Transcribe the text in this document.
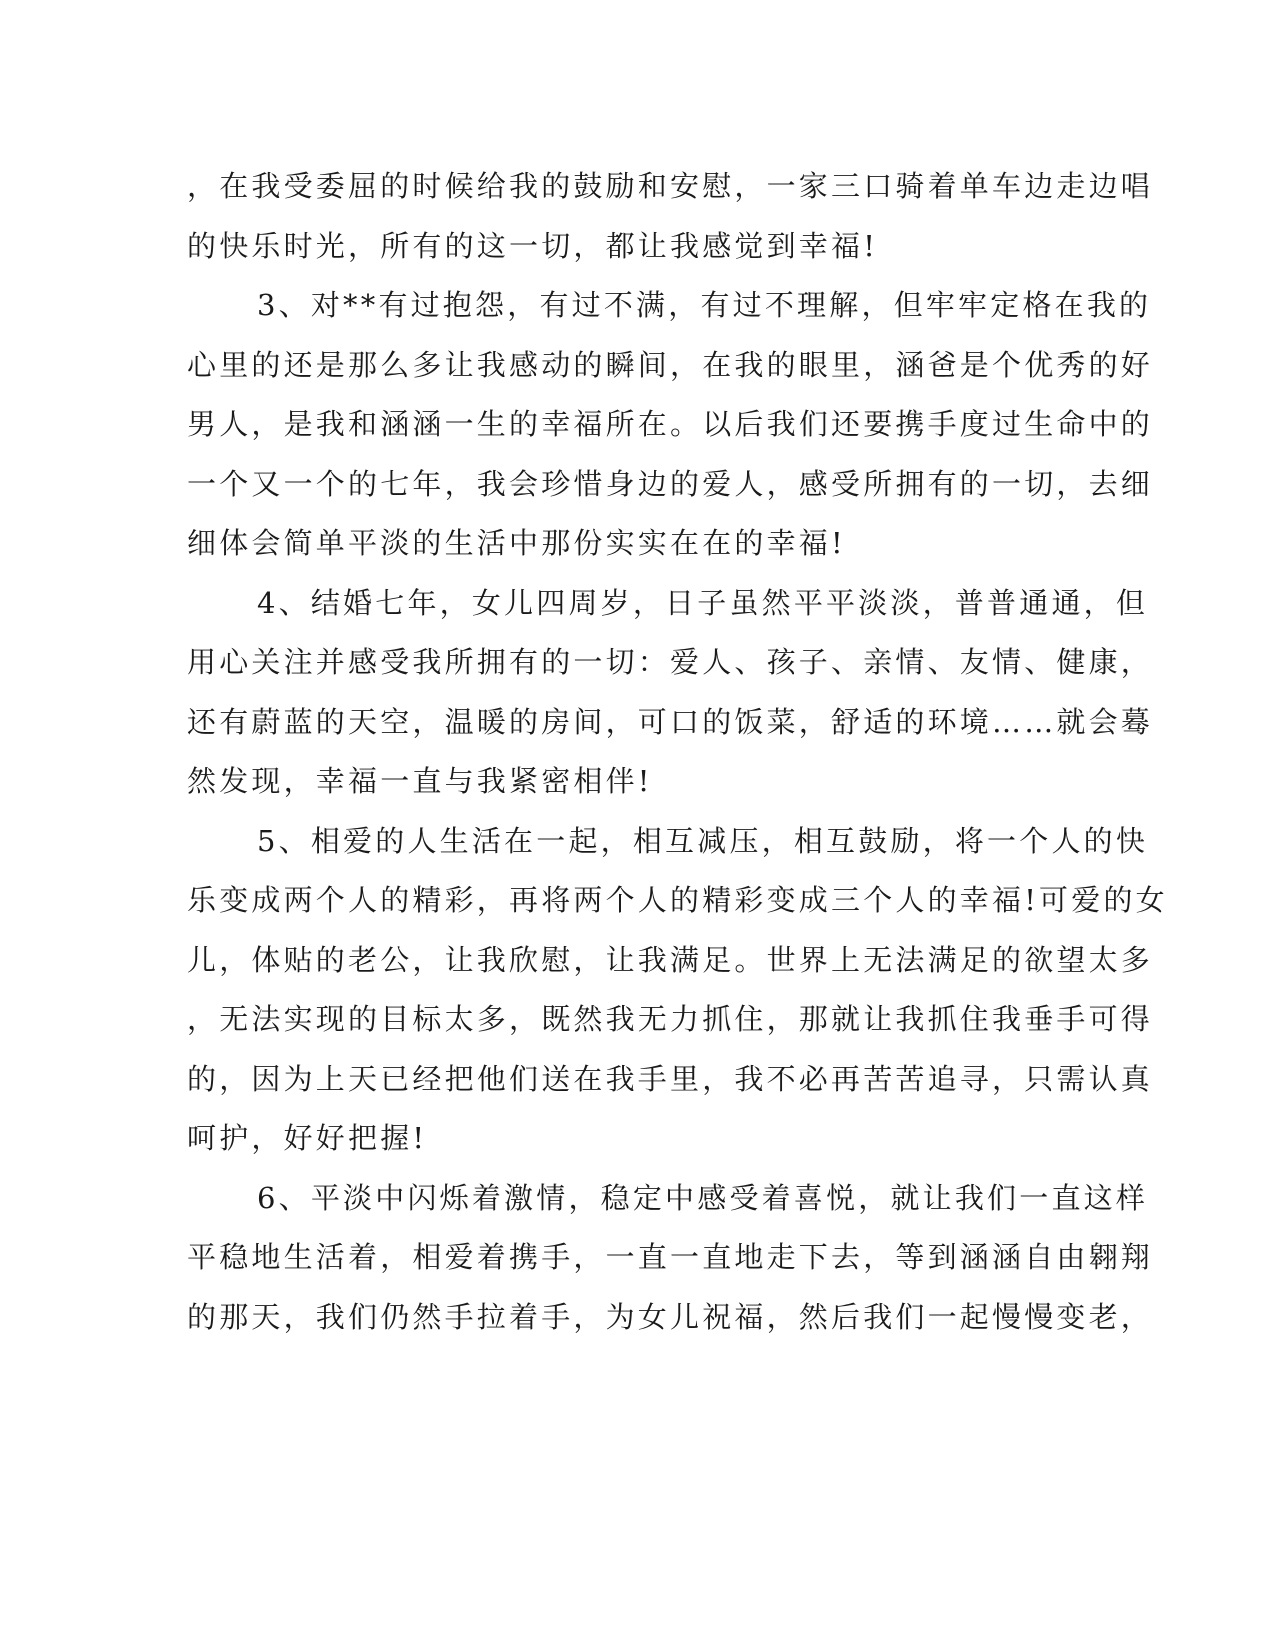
，在我受委屈的时候给我的鼓励和安慰，一家三口骑着单车边走边唱
的快乐时光，所有的这一切，都让我感觉到幸福!
3、对**有过抱怨，有过不满，有过不理解，但牢牢定格在我的
心里的还是那么多让我感动的瞬间，在我的眼里，涵爸是个优秀的好
男人，是我和涵涵一生的幸福所在。以后我们还要携手度过生命中的
一个又一个的七年，我会珍惜身边的爱人，感受所拥有的一切，去细
细体会简单平淡的生活中那份实实在在的幸福!
4、结婚七年，女儿四周岁，日子虽然平平淡淡，普普通通，但
用心关注并感受我所拥有的一切：爱人、孩子、亲情、友情、健康，
还有蔚蓝的天空，温暖的房间，可口的饭菜，舒适的环境……就会蓦
然发现，幸福一直与我紧密相伴!
5、相爱的人生活在一起，相互减压，相互鼓励，将一个人的快
乐变成两个人的精彩，再将两个人的精彩变成三个人的幸福!可爱的女
儿，体贴的老公，让我欣慰，让我满足。世界上无法满足的欲望太多
，无法实现的目标太多，既然我无力抓住，那就让我抓住我垂手可得
的，因为上天已经把他们送在我手里，我不必再苦苦追寻，只需认真
呵护，好好把握!
6、平淡中闪烁着激情，稳定中感受着喜悦，就让我们一直这样
平稳地生活着，相爱着携手，一直一直地走下去，等到涵涵自由翱翔
的那天，我们仍然手拉着手，为女儿祝福，然后我们一起慢慢变老，
